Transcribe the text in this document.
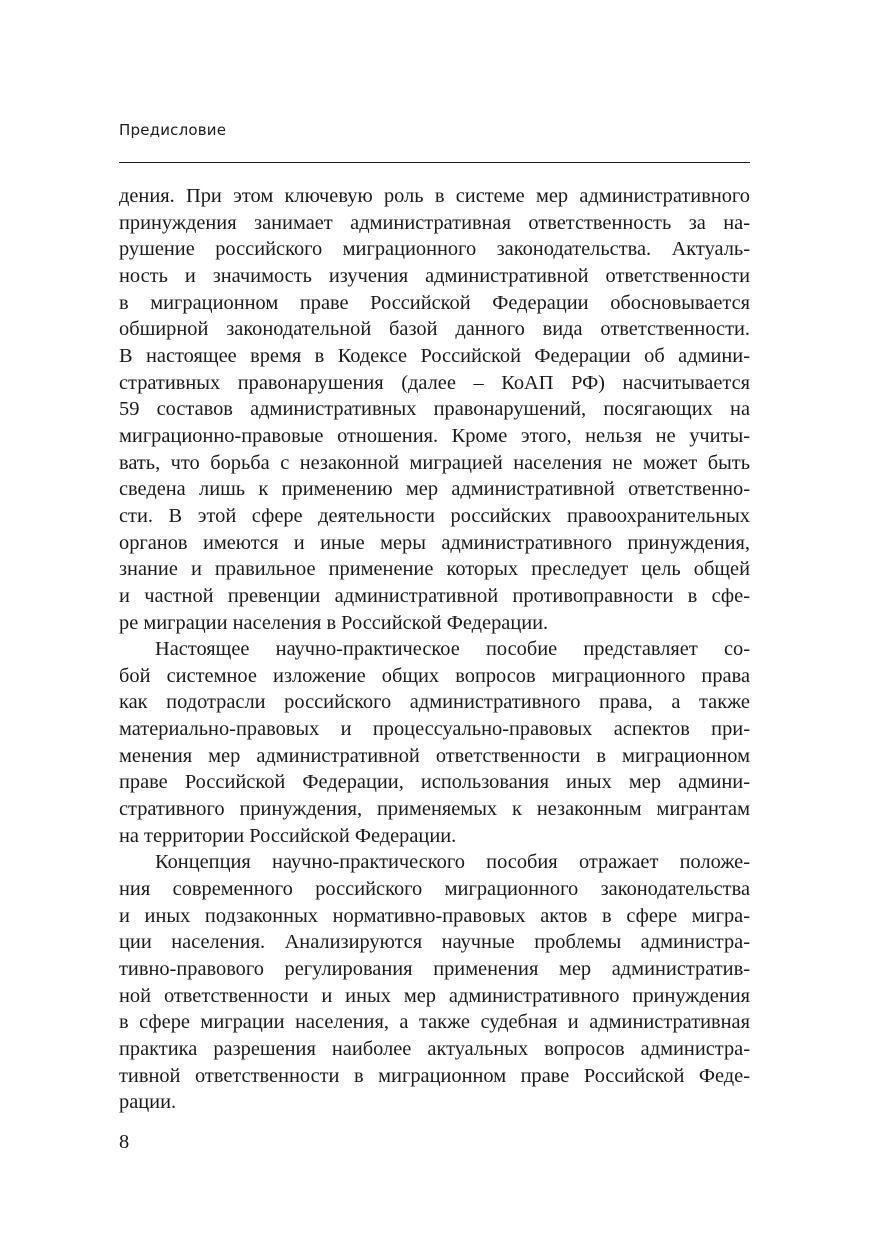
Предисловие
дения. При этом ключевую роль в системе мер административного
принуждения занимает административная ответственность за на-
рушение российского миграционного законодательства. Актуаль-
ность и значимость изучения административной ответственности
в миграционном праве Российской Федерации обосновывается
обширной законодательной базой данного вида ответственности.
В настоящее время в Кодексе Российской Федерации об админи-
стративных правонарушения (далее – КоАП РФ) насчитывается
59 составов административных правонарушений, посягающих на
миграционно-правовые отношения. Кроме этого, нельзя не учиты-
вать, что борьба с незаконной миграцией населения не может быть
сведена лишь к применению мер административной ответственно-
сти. В этой сфере деятельности российских правоохранительных
органов имеются и иные меры административного принуждения,
знание и правильное применение которых преследует цель общей
и частной превенции административной противоправности в сфе-
ре миграции населения в Российской Федерации.
Настоящее научно-практическое пособие представляет со-
бой системное изложение общих вопросов миграционного права
как подотрасли российского административного права, а также
материально-правовых и процессуально-правовых аспектов при-
менения мер административной ответственности в миграционном
праве Российской Федерации, использования иных мер админи-
стративного принуждения, применяемых к незаконным мигрантам
на территории Российской Федерации.
Концепция научно-практического пособия отражает положе-
ния современного российского миграционного законодательства
и иных подзаконных нормативно-правовых актов в сфере мигра-
ции населения. Анализируются научные проблемы администра-
тивно-правового регулирования применения мер административ-
ной ответственности и иных мер административного принуждения
в сфере миграции населения, а также судебная и административная
практика разрешения наиболее актуальных вопросов администра-
тивной ответственности в миграционном праве Российской Феде-
рации.
8
